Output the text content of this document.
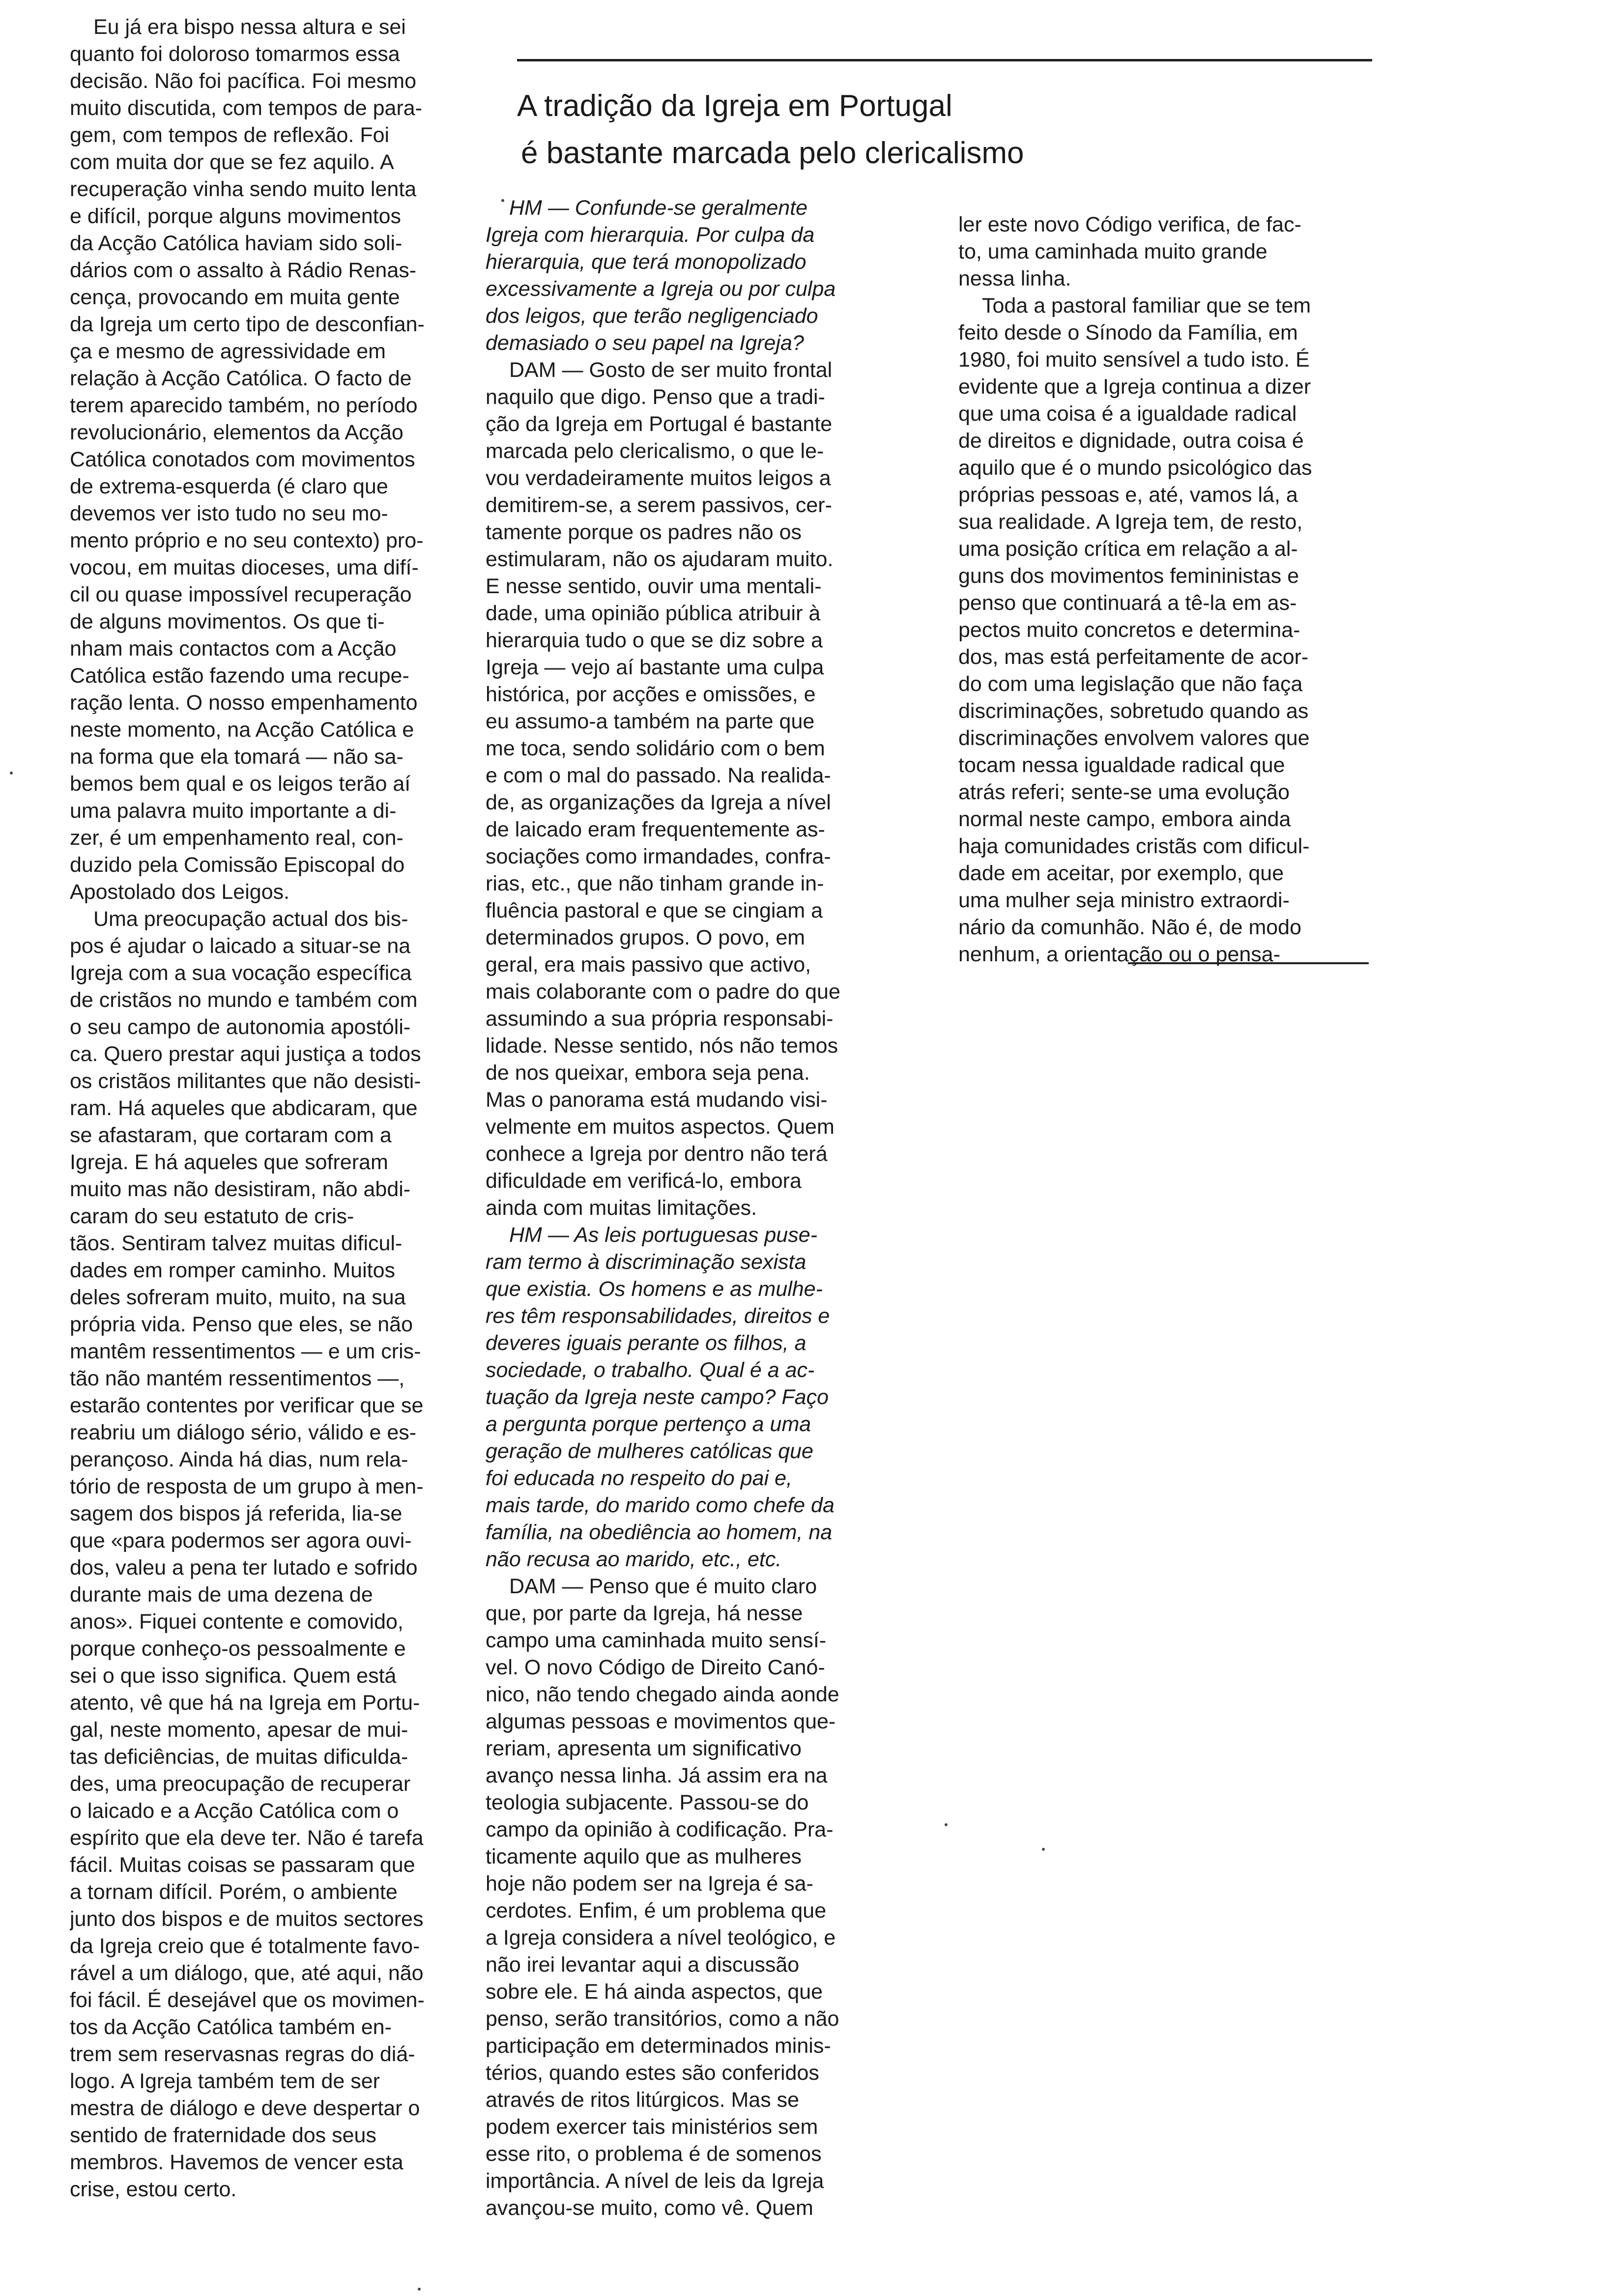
A tradição da Igreja em Portugal
é bastante marcada pelo clericalismo
Eu já era bispo nessa altura e sei
quanto foi doloroso tomarmos essa
decisão. Não foi pacífica. Foi mesmo
muito discutida, com tempos de para-
gem, com tempos de reflexão. Foi
com muita dor que se fez aquilo. A
recuperação vinha sendo muito lenta
e difícil, porque alguns movimentos
da Acção Católica haviam sido soli-
dários com o assalto à Rádio Renas-
cença, provocando em muita gente
da Igreja um certo tipo de desconfian-
ça e mesmo de agressividade em
relação à Acção Católica. O facto de
terem aparecido também, no período
revolucionário, elementos da Acção
Católica conotados com movimentos
de extrema-esquerda (é claro que
devemos ver isto tudo no seu mo-
mento próprio e no seu contexto) pro-
vocou, em muitas dioceses, uma difí-
cil ou quase impossível recuperação
de alguns movimentos. Os que ti-
nham mais contactos com a Acção
Católica estão fazendo uma recupe-
ração lenta. O nosso empenhamento
neste momento, na Acção Católica e
na forma que ela tomará — não sa-
bemos bem qual e os leigos terão aí
uma palavra muito importante a di-
zer, é um empenhamento real, con-
duzido pela Comissão Episcopal do
Apostolado dos Leigos.
Uma preocupação actual dos bis-
pos é ajudar o laicado a situar-se na
Igreja com a sua vocação específica
de cristãos no mundo e também com
o seu campo de autonomia apostóli-
ca. Quero prestar aqui justiça a todos
os cristãos militantes que não desisti-
ram. Há aqueles que abdicaram, que
se afastaram, que cortaram com a
Igreja. E há aqueles que sofreram
muito mas não desistiram, não abdi-
caram do seu estatuto de cris-
tãos. Sentiram talvez muitas dificul-
dades em romper caminho. Muitos
deles sofreram muito, muito, na sua
própria vida. Penso que eles, se não
mantêm ressentimentos — e um cris-
tão não mantém ressentimentos —,
estarão contentes por verificar que se
reabriu um diálogo sério, válido e es-
perançoso. Ainda há dias, num rela-
tório de resposta de um grupo à men-
sagem dos bispos já referida, lia-se
que «para podermos ser agora ouvi-
dos, valeu a pena ter lutado e sofrido
durante mais de uma dezena de
anos». Fiquei contente e comovido,
porque conheço-os pessoalmente e
sei o que isso significa. Quem está
atento, vê que há na Igreja em Portu-
gal, neste momento, apesar de mui-
tas deficiências, de muitas dificulda-
des, uma preocupação de recuperar
o laicado e a Acção Católica com o
espírito que ela deve ter. Não é tarefa
fácil. Muitas coisas se passaram que
a tornam difícil. Porém, o ambiente
junto dos bispos e de muitos sectores
da Igreja creio que é totalmente favo-
rável a um diálogo, que, até aqui, não
foi fácil. É desejável que os movimen-
tos da Acção Católica também en-
trem sem reservasnas regras do diá-
logo. A Igreja também tem de ser
mestra de diálogo e deve despertar o
sentido de fraternidade dos seus
membros. Havemos de vencer esta
crise, estou certo.
HM — Confunde-se geralmente
Igreja com hierarquia. Por culpa da
hierarquia, que terá monopolizado
excessivamente a Igreja ou por culpa
dos leigos, que terão negligenciado
demasiado o seu papel na Igreja?
DAM — Gosto de ser muito frontal
naquilo que digo. Penso que a tradi-
ção da Igreja em Portugal é bastante
marcada pelo clericalismo, o que le-
vou verdadeiramente muitos leigos a
demitirem-se, a serem passivos, cer-
tamente porque os padres não os
estimularam, não os ajudaram muito.
E nesse sentido, ouvir uma mentali-
dade, uma opinião pública atribuir à
hierarquia tudo o que se diz sobre a
Igreja — vejo aí bastante uma culpa
histórica, por acções e omissões, e
eu assumo-a também na parte que
me toca, sendo solidário com o bem
e com o mal do passado. Na realida-
de, as organizações da Igreja a nível
de laicado eram frequentemente as-
sociações como irmandades, confra-
rias, etc., que não tinham grande in-
fluência pastoral e que se cingiam a
determinados grupos. O povo, em
geral, era mais passivo que activo,
mais colaborante com o padre do que
assumindo a sua própria responsabi-
lidade. Nesse sentido, nós não temos
de nos queixar, embora seja pena.
Mas o panorama está mudando visi-
velmente em muitos aspectos. Quem
conhece a Igreja por dentro não terá
dificuldade em verificá-lo, embora
ainda com muitas limitações.
HM — As leis portuguesas puse-
ram termo à discriminação sexista
que existia. Os homens e as mulhe-
res têm responsabilidades, direitos e
deveres iguais perante os filhos, a
sociedade, o trabalho. Qual é a ac-
tuação da Igreja neste campo? Faço
a pergunta porque pertenço a uma
geração de mulheres católicas que
foi educada no respeito do pai e,
mais tarde, do marido como chefe da
família, na obediência ao homem, na
não recusa ao marido, etc., etc.
DAM — Penso que é muito claro
que, por parte da Igreja, há nesse
campo uma caminhada muito sensí-
vel. O novo Código de Direito Canó-
nico, não tendo chegado ainda aonde
algumas pessoas e movimentos que-
reriam, apresenta um significativo
avanço nessa linha. Já assim era na
teologia subjacente. Passou-se do
campo da opinião à codificação. Pra-
ticamente aquilo que as mulheres
hoje não podem ser na Igreja é sa-
cerdotes. Enfim, é um problema que
a Igreja considera a nível teológico, e
não irei levantar aqui a discussão
sobre ele. E há ainda aspectos, que
penso, serão transitórios, como a não
participação em determinados minis-
térios, quando estes são conferidos
através de ritos litúrgicos. Mas se
podem exercer tais ministérios sem
esse rito, o problema é de somenos
importância. A nível de leis da Igreja
avançou-se muito, como vê. Quem
ler este novo Código verifica, de fac-
to, uma caminhada muito grande
nessa linha.
Toda a pastoral familiar que se tem
feito desde o Sínodo da Família, em
1980, foi muito sensível a tudo isto. É
evidente que a Igreja continua a dizer
que uma coisa é a igualdade radical
de direitos e dignidade, outra coisa é
aquilo que é o mundo psicológico das
próprias pessoas e, até, vamos lá, a
sua realidade. A Igreja tem, de resto,
uma posição crítica em relação a al-
guns dos movimentos femininistas e
penso que continuará a tê-la em as-
pectos muito concretos e determina-
dos, mas está perfeitamente de acor-
do com uma legislação que não faça
discriminações, sobretudo quando as
discriminações envolvem valores que
tocam nessa igualdade radical que
atrás referi; sente-se uma evolução
normal neste campo, embora ainda
haja comunidades cristãs com dificul-
dade em aceitar, por exemplo, que
uma mulher seja ministro extraordi-
nário da comunhão. Não é, de modo
nenhum, a orientação ou o pensa-
